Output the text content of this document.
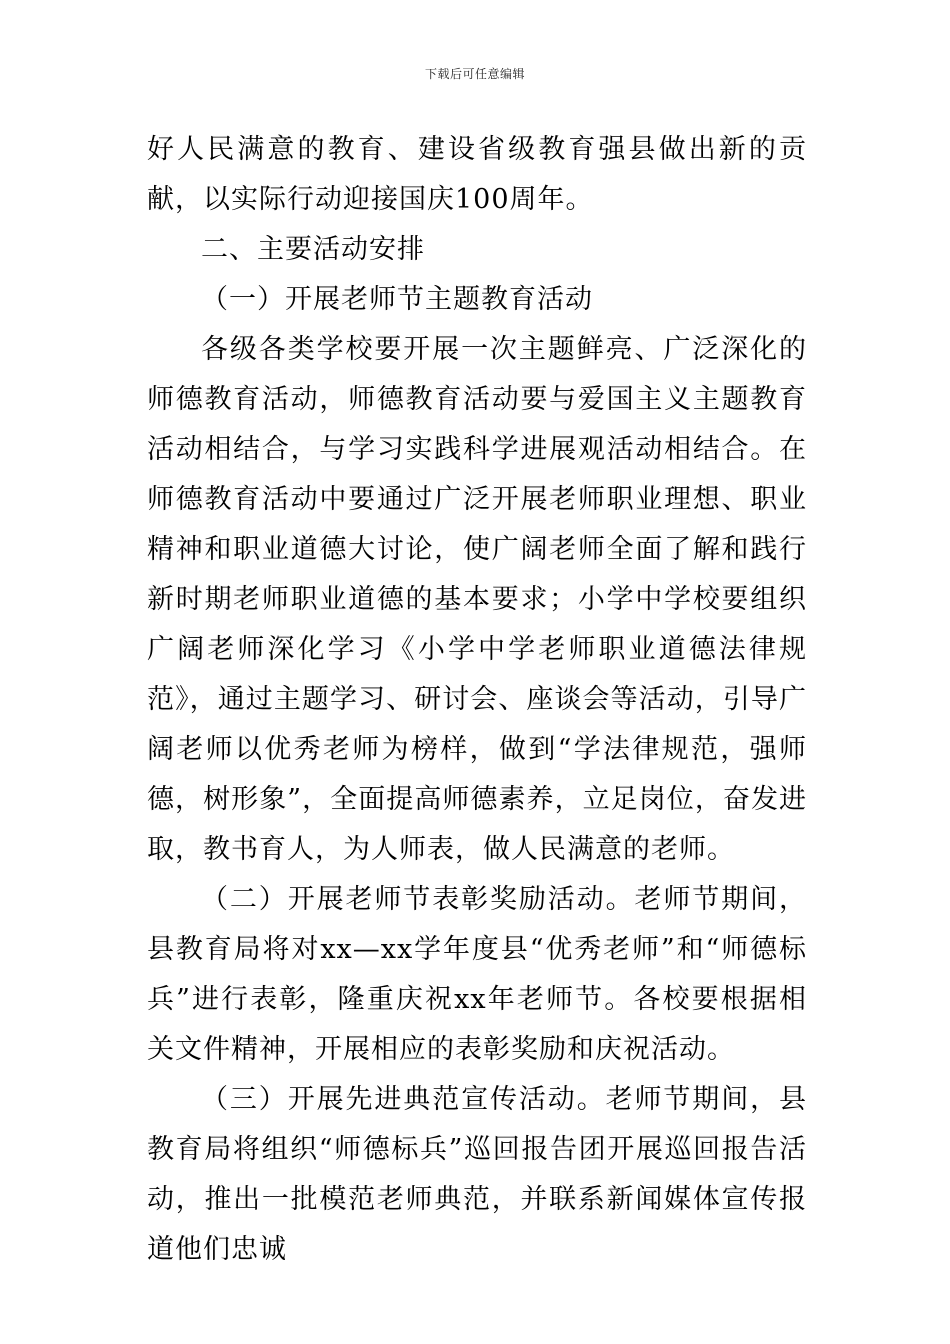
下载后可任意编辑

好人民满意的教育、建设省级教育强县做出新的贡献，以实际行动迎接国庆100周年。

二、主要活动安排

（一）开展老师节主题教育活动

各级各类学校要开展一次主题鲜亮、广泛深化的师德教育活动，师德教育活动要与爱国主义主题教育活动相结合，与学习实践科学进展观活动相结合。在师德教育活动中要通过广泛开展老师职业理想、职业精神和职业道德大讨论，使广阔老师全面了解和践行新时期老师职业道德的基本要求；小学中学校要组织广阔老师深化学习《小学中学老师职业道德法律规范》，通过主题学习、研讨会、座谈会等活动，引导广阔老师以优秀老师为榜样，做到“学法律规范，强师德，树形象”，全面提高师德素养，立足岗位，奋发进取，教书育人，为人师表，做人民满意的老师。

（二）开展老师节表彰奖励活动。老师节期间，县教育局将对xx—xx学年度县“优秀老师”和“师德标兵”进行表彰，隆重庆祝xx年老师节。各校要根据相关文件精神，开展相应的表彰奖励和庆祝活动。

（三）开展先进典范宣传活动。老师节期间，县教育局将组织“师德标兵”巡回报告团开展巡回报告活动，推出一批模范老师典范，并联系新闻媒体宣传报道他们忠诚
